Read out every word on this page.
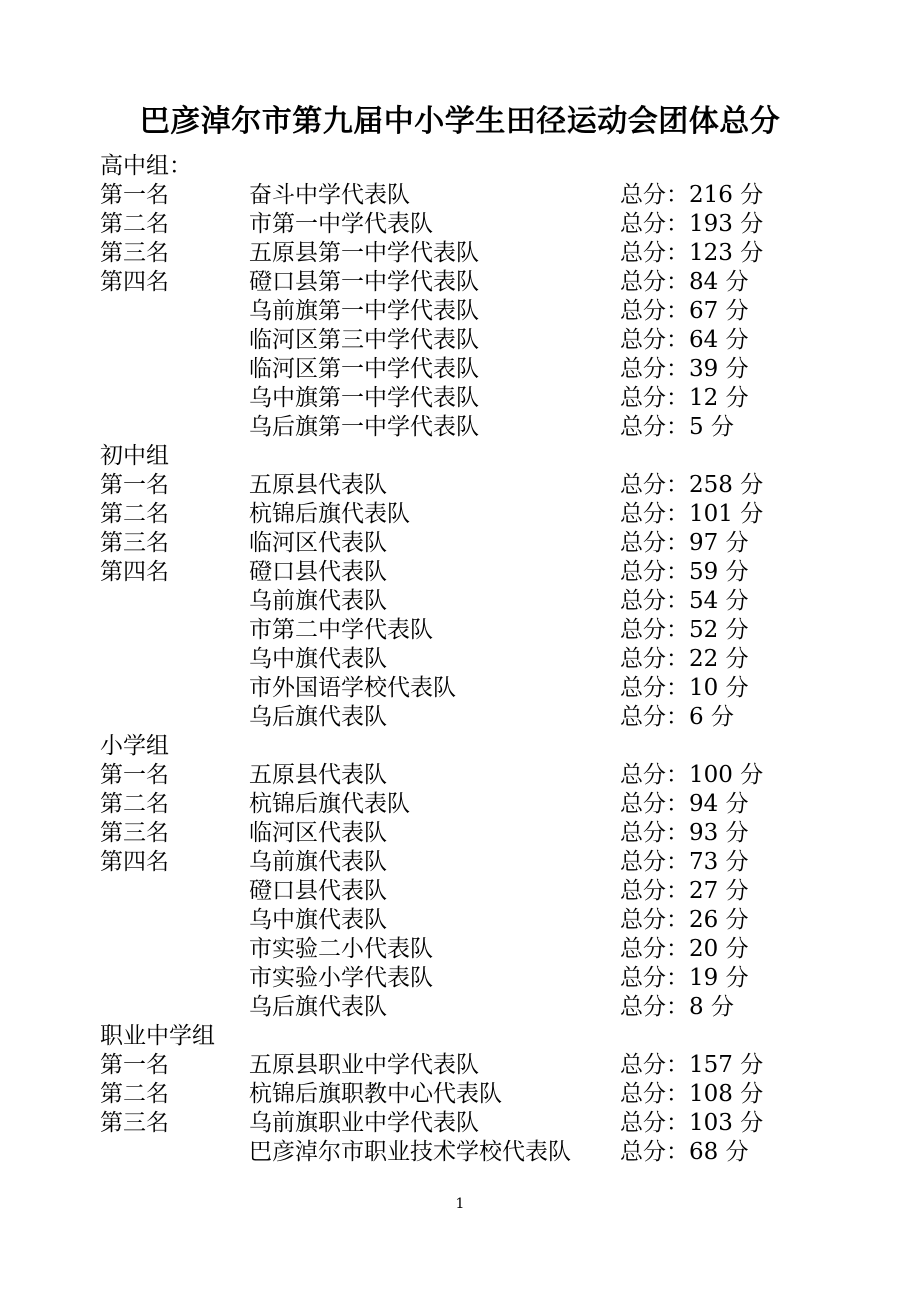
巴彦淖尔市第九届中小学生田径运动会团体总分
高中组：
第一名	奋斗中学代表队	总分：216 分
第二名	市第一中学代表队	总分：193 分
第三名	五原县第一中学代表队	总分：123 分
第四名	磴口县第一中学代表队	总分：84 分
乌前旗第一中学代表队	总分：67 分
临河区第三中学代表队	总分：64 分
临河区第一中学代表队	总分：39 分
乌中旗第一中学代表队	总分：12 分
乌后旗第一中学代表队	总分：5 分
初中组
第一名	五原县代表队	总分：258 分
第二名	杭锦后旗代表队	总分：101 分
第三名	临河区代表队	总分：97 分
第四名	磴口县代表队	总分：59 分
乌前旗代表队	总分：54 分
市第二中学代表队	总分：52 分
乌中旗代表队	总分：22 分
市外国语学校代表队	总分：10 分
乌后旗代表队	总分：6 分
小学组
第一名	五原县代表队	总分：100 分
第二名	杭锦后旗代表队	总分：94 分
第三名	临河区代表队	总分：93 分
第四名	乌前旗代表队	总分：73 分
磴口县代表队	总分：27 分
乌中旗代表队	总分：26 分
市实验二小代表队	总分：20 分
市实验小学代表队	总分：19 分
乌后旗代表队	总分：8 分
职业中学组
第一名	五原县职业中学代表队	总分：157 分
第二名	杭锦后旗职教中心代表队	总分：108 分
第三名	乌前旗职业中学代表队	总分：103 分
巴彦淖尔市职业技术学校代表队 总分：68 分
1
